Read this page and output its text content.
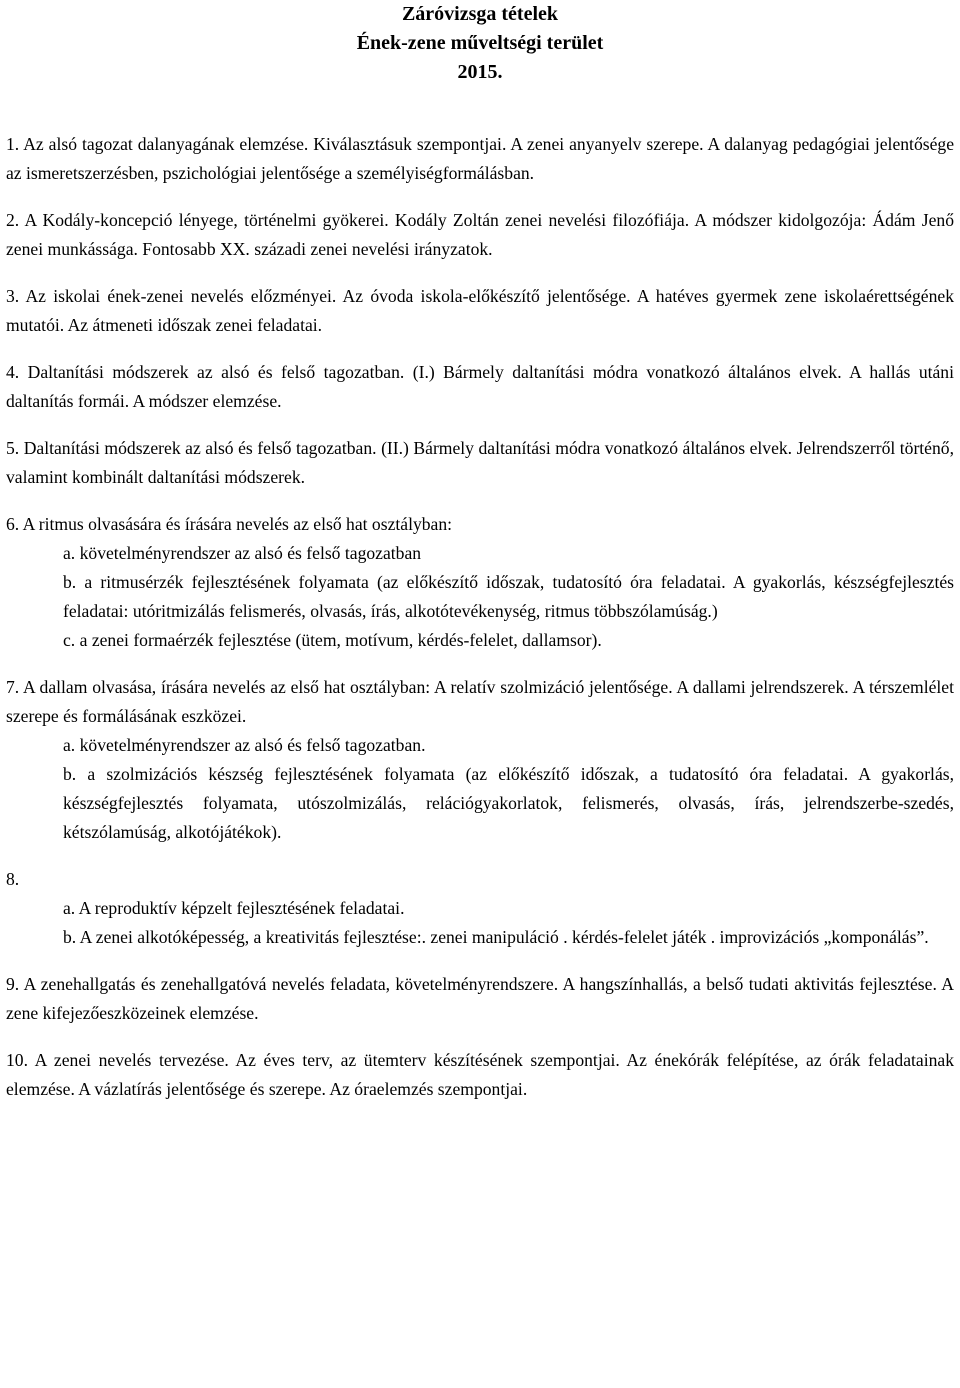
Záróvizsga tételek
Ének-zene műveltségi terület
2015.

1. Az alsó tagozat dalanyagának elemzése. Kiválasztásuk szempontjai. A zenei anyanyelv szerepe. A dalanyag pedagógiai jelentősége az ismeretszerzésben, pszichológiai jelentősége a személyiségformálásban.

2. A Kodály-koncepció lényege, történelmi gyökerei. Kodály Zoltán zenei nevelési filozófiája. A módszer kidolgozója: Ádám Jenő zenei munkássága. Fontosabb XX. századi zenei nevelési irányzatok.

3. Az iskolai ének-zenei nevelés előzményei. Az óvoda iskola-előkészítő jelentősége. A hatéves gyermek zene iskolaérettségének mutatói. Az átmeneti időszak zenei feladatai.

4. Daltanítási módszerek az alsó és felső tagozatban. (I.) Bármely daltanítási módra vonatkozó általános elvek. A hallás utáni daltanítás formái. A módszer elemzése.

5. Daltanítási módszerek az alsó és felső tagozatban. (II.) Bármely daltanítási módra vonatkozó általános elvek. Jelrendszerről történő, valamint kombinált daltanítási módszerek.

6. A ritmus olvasására és írására nevelés az első hat osztályban:

a. követelményrendszer az alsó és felső tagozatban

b. a ritmusérzék fejlesztésének folyamata (az előkészítő időszak, tudatosító óra feladatai. A gyakorlás, készségfejlesztés feladatai: utóritmizálás felismerés, olvasás, írás, alkotótevékenység, ritmus többszólamúság.)

c. a zenei formaérzék fejlesztése (ütem, motívum, kérdés-felelet, dallamsor).

7. A dallam olvasása, írására nevelés az első hat osztályban: A relatív szolmizáció jelentősége. A dallami jelrendszerek. A térszemlélet szerepe és formálásának eszközei.

a. követelményrendszer az alsó és felső tagozatban.

b. a szolmizációs készség fejlesztésének folyamata (az előkészítő időszak, a tudatosító óra feladatai. A gyakorlás, készségfejlesztés folyamata, utószolmizálás, relációgyakorlatok, felismerés, olvasás, írás, jelrendszerbe-szedés, kétszólamúság, alkotójátékok).

8.

a. A reproduktív képzelt fejlesztésének feladatai.

b. A zenei alkotóképesség, a kreativitás fejlesztése:. zenei manipuláció . kérdés-felelet játék . improvizációs „komponálás”.

9. A zenehallgatás és zenehallgatóvá nevelés feladata, követelményrendszere. A hangszínhallás, a belső tudati aktivitás fejlesztése. A zene kifejezőeszközeinek elemzése.

10. A zenei nevelés tervezése. Az éves terv, az ütemterv készítésének szempontjai. Az énekórák felépítése, az órák feladatainak elemzése. A vázlatírás jelentősége és szerepe. Az óraelemzés szempontjai.
